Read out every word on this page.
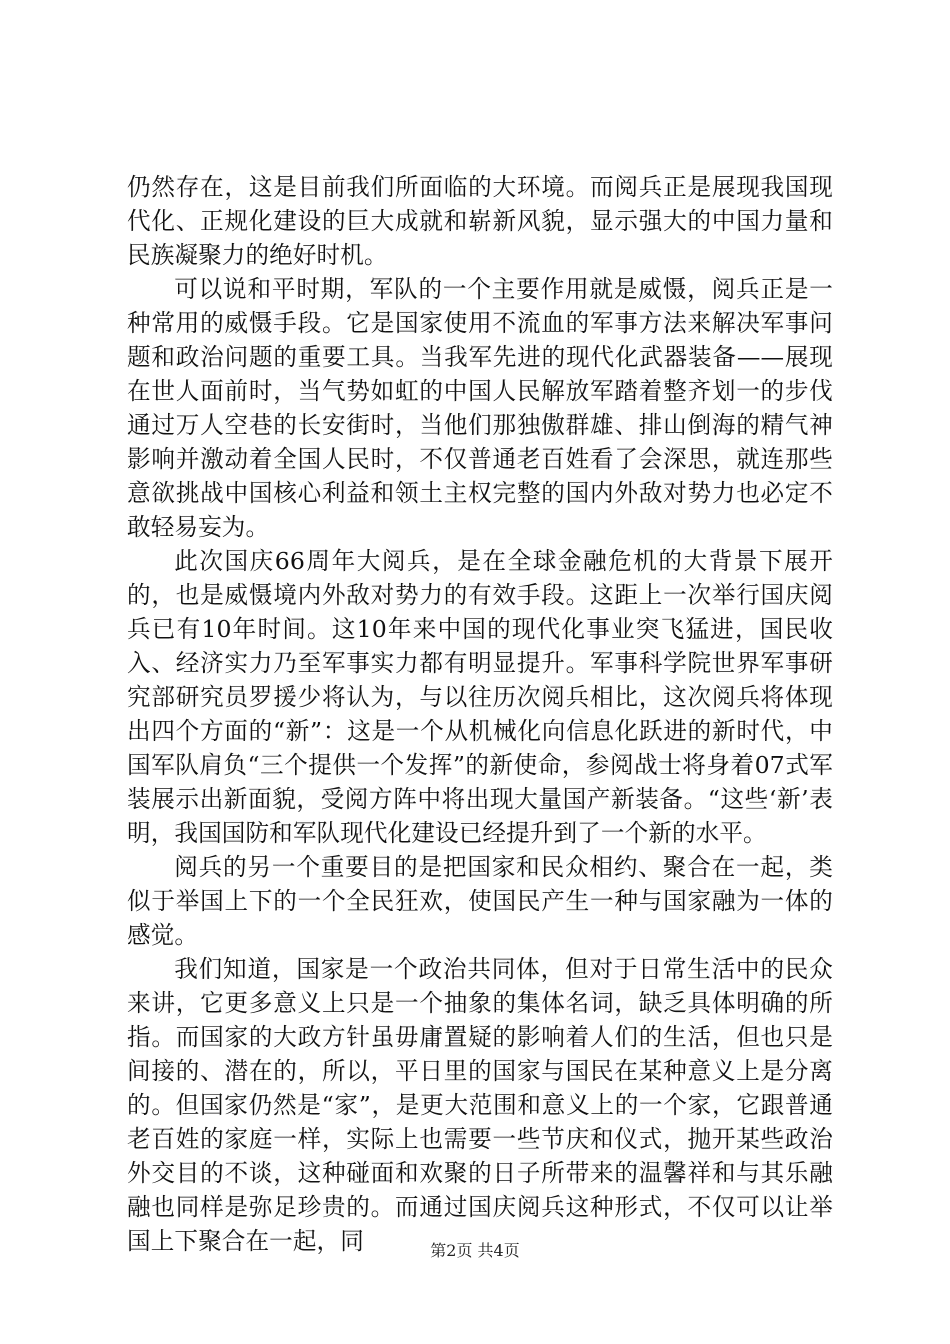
仍然存在，这是目前我们所面临的大环境。而阅兵正是展现我国现代化、正规化建设的巨大成就和崭新风貌，显示强大的中国力量和民族凝聚力的绝好时机。

可以说和平时期，军队的一个主要作用就是威慑，阅兵正是一种常用的威慑手段。它是国家使用不流血的军事方法来解决军事问题和政治问题的重要工具。当我军先进的现代化武器装备——展现在世人面前时，当气势如虹的中国人民解放军踏着整齐划一的步伐通过万人空巷的长安街时，当他们那独傲群雄、排山倒海的精气神影响并激动着全国人民时，不仅普通老百姓看了会深思，就连那些意欲挑战中国核心利益和领土主权完整的国内外敌对势力也必定不敢轻易妄为。

此次国庆66周年大阅兵，是在全球金融危机的大背景下展开的，也是威慑境内外敌对势力的有效手段。这距上一次举行国庆阅兵已有10年时间。这10年来中国的现代化事业突飞猛进，国民收入、经济实力乃至军事实力都有明显提升。军事科学院世界军事研究部研究员罗援少将认为，与以往历次阅兵相比，这次阅兵将体现出四个方面的“新”：这是一个从机械化向信息化跃进的新时代，中国军队肩负“三个提供一个发挥”的新使命，参阅战士将身着07式军装展示出新面貌，受阅方阵中将出现大量国产新装备。“这些‘新’表明，我国国防和军队现代化建设已经提升到了一个新的水平。

阅兵的另一个重要目的是把国家和民众相约、聚合在一起，类似于举国上下的一个全民狂欢，使国民产生一种与国家融为一体的感觉。

我们知道，国家是一个政治共同体，但对于日常生活中的民众来讲，它更多意义上只是一个抽象的集体名词，缺乏具体明确的所指。而国家的大政方针虽毋庸置疑的影响着人们的生活，但也只是间接的、潜在的，所以，平日里的国家与国民在某种意义上是分离的。但国家仍然是“家”，是更大范围和意义上的一个家，它跟普通老百姓的家庭一样，实际上也需要一些节庆和仪式，抛开某些政治外交目的不谈，这种碰面和欢聚的日子所带来的温馨祥和与其乐融融也同样是弥足珍贵的。而通过国庆阅兵这种形式，不仅可以让举国上下聚合在一起，同	第2页 共4页
